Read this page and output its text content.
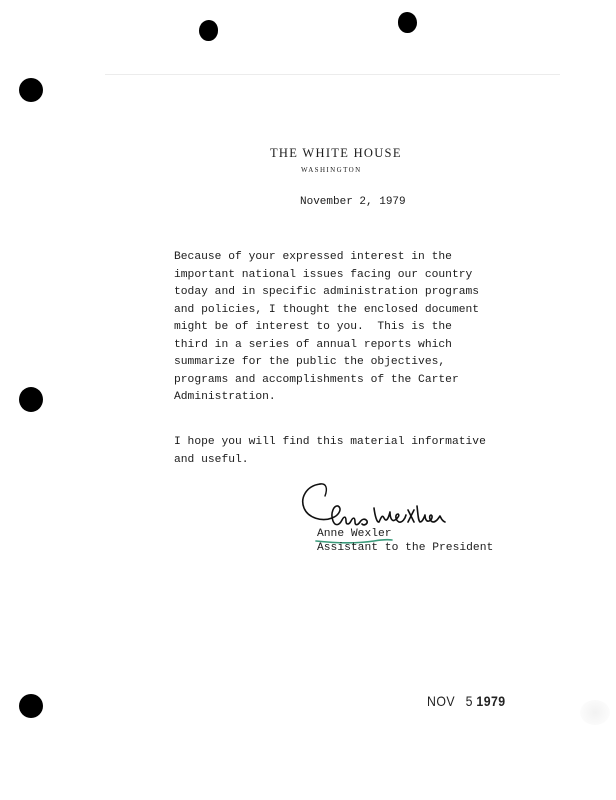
THE WHITE HOUSE
WASHINGTON
November 2, 1979
Because of your expressed interest in the
important national issues facing our country
today and in specific administration programs
and policies, I thought the enclosed document
might be of interest to you.  This is the
third in a series of annual reports which
summarize for the public the objectives,
programs and accomplishments of the Carter
Administration.
I hope you will find this material informative
and useful.
Anne Wexler
Assistant to the President
NOV 5 1979
